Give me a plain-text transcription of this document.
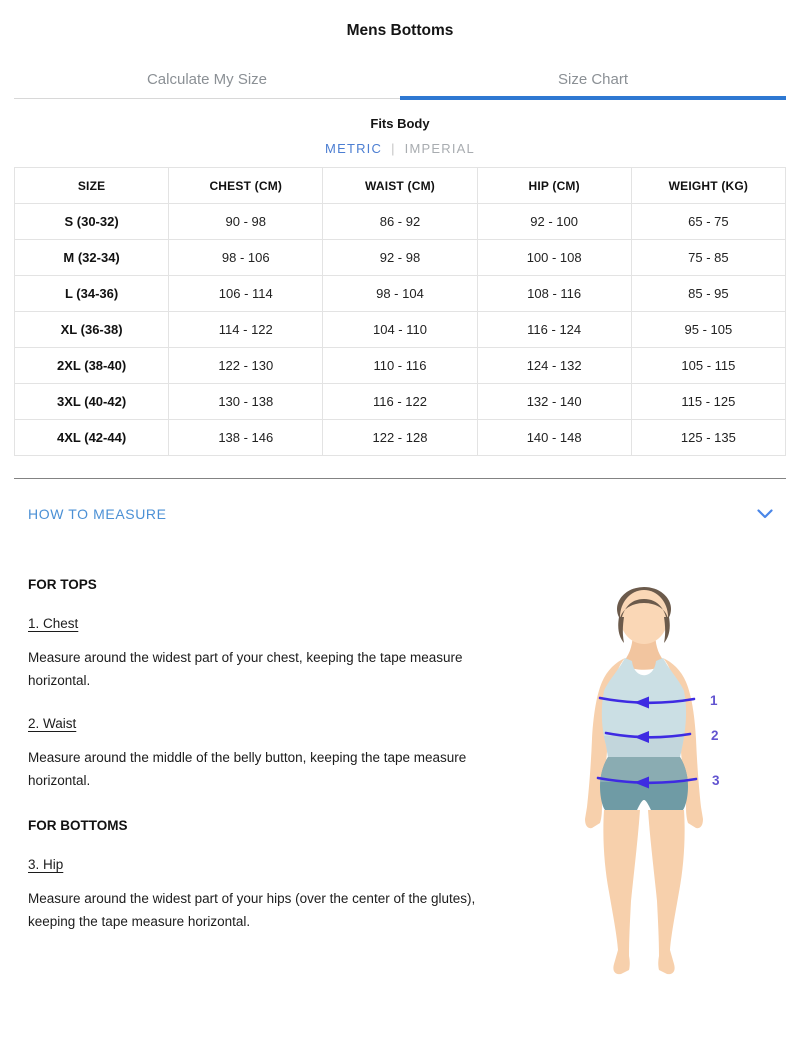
Mens Bottoms
Calculate My Size	Size Chart
Fits Body
METRIC | IMPERIAL
SIZE	CHEST (CM)	WAIST (CM)	HIP (CM)	WEIGHT (KG)
S (30-32)	90 - 98	86 - 92	92 - 100	65 - 75
M (32-34)	98 - 106	92 - 98	100 - 108	75 - 85
L (34-36)	106 - 114	98 - 104	108 - 116	85 - 95
XL (36-38)	114 - 122	104 - 110	116 - 124	95 - 105
2XL (38-40)	122 - 130	110 - 116	124 - 132	105 - 115
3XL (40-42)	130 - 138	116 - 122	132 - 140	115 - 125
4XL (42-44)	138 - 146	122 - 128	140 - 148	125 - 135
HOW TO MEASURE
FOR TOPS
1. Chest

Measure around the widest part of your chest, keeping the tape measure horizontal.

2. Waist

Measure around the middle of the belly button, keeping the tape measure horizontal.

FOR BOTTOMS
3. Hip

Measure around the widest part of your hips (over the center of the glutes), keeping the tape measure horizontal.

1
2
3
